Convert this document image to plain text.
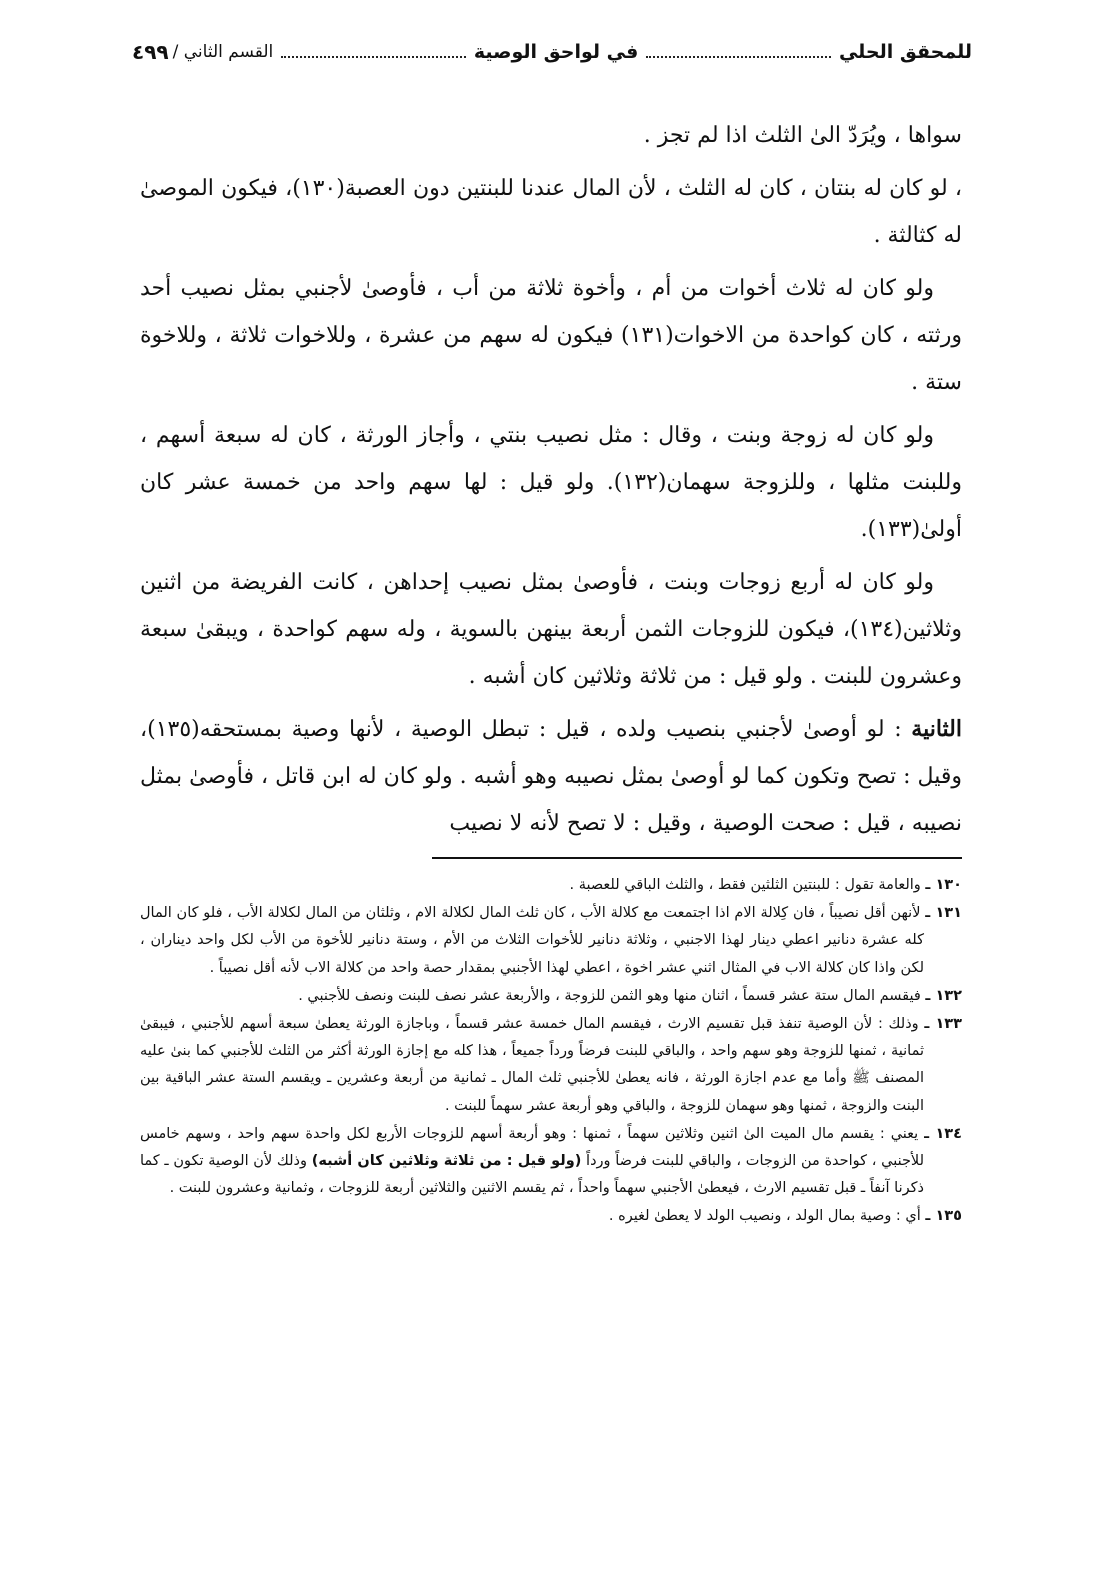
للمحقق الحلي
في لواحق الوصية
القسم الثاني /
٤٩٩

سواها ، ويُرَدّ الىٰ الثلث اذا لم تجز .

، لو كان له بنتان ، كان له الثلث ، لأن المال عندنا للبنتين دون العصبة(١٣٠)، فيكون الموصىٰ له كثالثة .

ولو كان له ثلاث أخوات من أم ، وأخوة ثلاثة من أب ، فأوصىٰ لأجنبي بمثل نصيب أحد ورثته ، كان كواحدة من الاخوات(١٣١) فيكون له سهم من عشرة ، وللاخوات ثلاثة ، وللاخوة ستة .

ولو كان له زوجة وبنت ، وقال : مثل نصيب بنتي ، وأجاز الورثة ، كان له سبعة أسهم ، وللبنت مثلها ، وللزوجة سهمان(١٣٢). ولو قيل : لها سهم واحد من خمسة عشر كان أولىٰ(١٣٣).

ولو كان له أربع زوجات وبنت ، فأوصىٰ بمثل نصيب إحداهن ، كانت الفريضة من اثنين وثلاثين(١٣٤)، فيكون للزوجات الثمن أربعة بينهن بالسوية ، وله سهم كواحدة ، ويبقىٰ سبعة وعشرون للبنت . ولو قيل : من ثلاثة وثلاثين كان أشبه .

الثانية : لو أوصىٰ لأجنبي بنصيب ولده ، قيل : تبطل الوصية ، لأنها وصية بمستحقه(١٣٥)، وقيل : تصح وتكون كما لو أوصىٰ بمثل نصيبه وهو أشبه . ولو كان له ابن قاتل ، فأوصىٰ بمثل نصيبه ، قيل : صحت الوصية ، وقيل : لا تصح لأنه لا نصيب

١٣٠ ـ والعامة تقول : للبنتين الثلثين فقط ، والثلث الباقي للعصبة .

١٣١ ـ لأنهن أقل نصيباً ، فان كِلالة الام اذا اجتمعت مع كلالة الأب ، كان ثلث المال لكلالة الام ، وثلثان من المال لكلالة الأب ، فلو كان المال كله عشرة دنانير اعطي دينار لهذا الاجنبي ، وثلاثة دنانير للأخوات الثلاث من الأم ، وستة دنانير للأخوة من الأب لكل واحد ديناران ، لكن واذا كان كلالة الاب في المثال اثني عشر اخوة ، اعطي لهذا الأجنبي بمقدار حصة واحد من كلالة الاب لأنه أقل نصيباً .

١٣٢ ـ فيقسم المال ستة عشر قسماً ، اثنان منها وهو الثمن للزوجة ، والأربعة عشر نصف للبنت ونصف للأجنبي .

١٣٣ ـ وذلك : لأن الوصية تنفذ قبل تقسيم الارث ، فيقسم المال خمسة عشر قسماً ، وباجازة الورثة يعطىٰ سبعة أسهم للأجنبي ، فيبقىٰ ثمانية ، ثمنها للزوجة وهو سهم واحد ، والباقي للبنت فرضاً ورداً جميعاً ، هذا كله مع إجازة الورثة أكثر من الثلث للأجنبي كما بنىٰ عليه المصنف ﷺ وأما مع عدم اجازة الورثة ، فانه يعطىٰ للأجنبي ثلث المال ـ ثمانية من أربعة وعشرين ـ ويقسم الستة عشر الباقية بين البنت والزوجة ، ثمنها وهو سهمان للزوجة ، والباقي وهو أربعة عشر سهماً للبنت .

١٣٤ ـ يعني : يقسم مال الميت الىٰ اثنين وثلاثين سهماً ، ثمنها : وهو أربعة أسهم للزوجات الأربع لكل واحدة سهم واحد ، وسهم خامس للأجنبي ، كواحدة من الزوجات ، والباقي للبنت فرضاً ورداً (ولو قيل : من ثلاثة وثلاثين كان أشبه) وذلك لأن الوصية تكون ـ كما ذكرنا آنفاً ـ قبل تقسيم الارث ، فيعطىٰ الأجنبي سهماً واحداً ، ثم يقسم الاثنين والثلاثين أربعة للزوجات ، وثمانية وعشرون للبنت .

١٣٥ ـ أي : وصية بمال الولد ، ونصيب الولد لا يعطىٰ لغيره .
